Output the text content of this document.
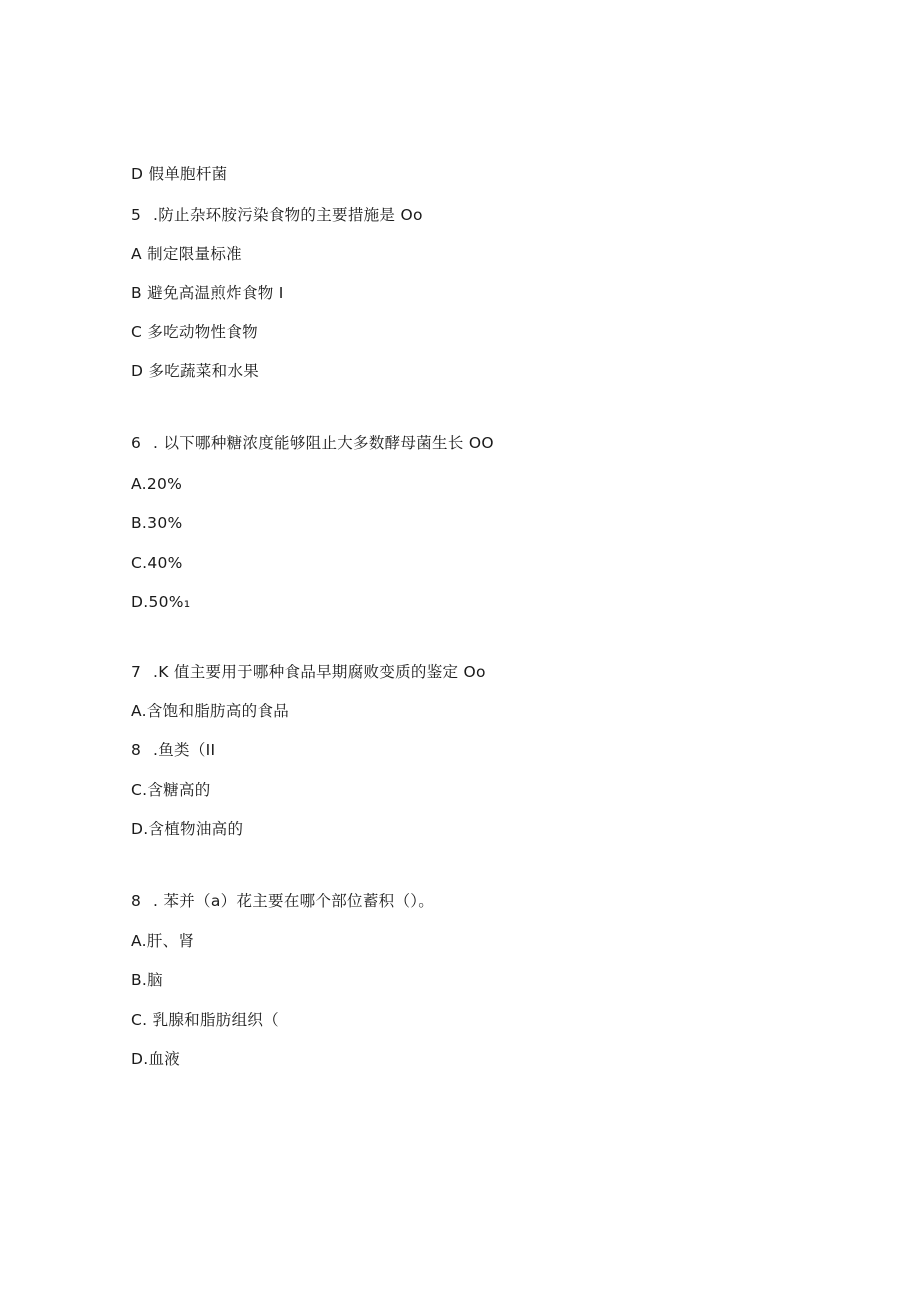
D 假单胞杆菌
5 .防止杂环胺污染食物的主要措施是 Oo
A 制定限量标准
B 避免高温煎炸食物 I
C 多吃动物性食物
D 多吃蔬菜和水果
6 . 以下哪种糖浓度能够阻止大多数酵母菌生长 OO
A.20%
B.30%
C.40%
D.50%₁
7 .K 值主要用于哪种食品早期腐败变质的鉴定 Oo
A.含饱和脂肪高的食品
8 .鱼类（II
C.含糖高的
D.含植物油高的
8 . 苯并（a）花主要在哪个部位蓄积（）。
A.肝、肾
B.脑
C. 乳腺和脂肪组织（
D.血液
